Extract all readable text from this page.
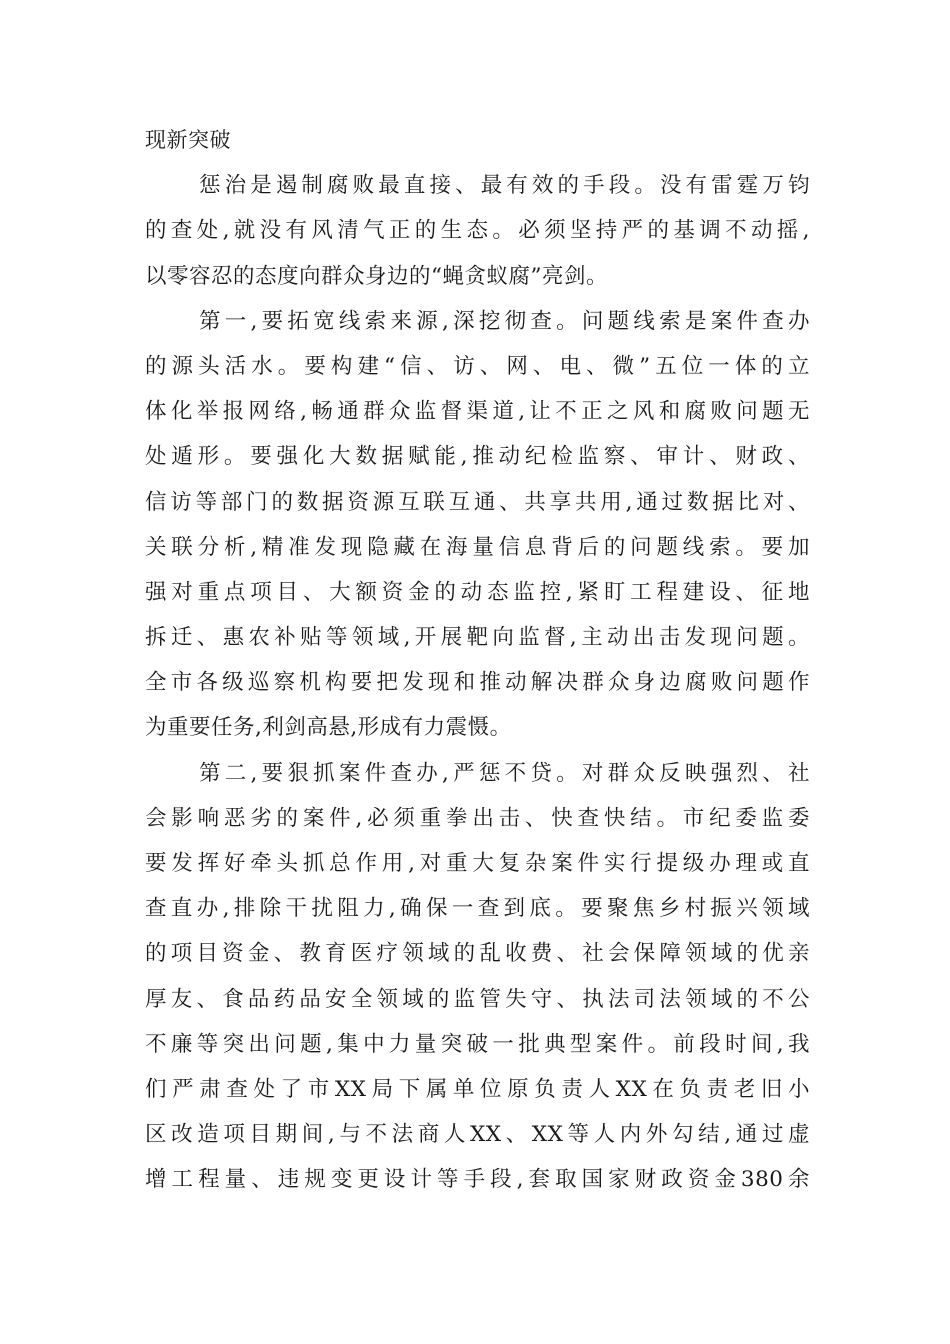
现新突破
惩治是遏制腐败最直接、最有效的手段。没有雷霆万钧
的查处,就没有风清气正的生态。必须坚持严的基调不动摇,
以零容忍的态度向群众身边的“蝇贪蚁腐”亮剑。
第一,要拓宽线索来源,深挖彻查。问题线索是案件查办
的源头活水。要构建“信、访、网、电、微”五位一体的立
体化举报网络,畅通群众监督渠道,让不正之风和腐败问题无
处遁形。要强化大数据赋能,推动纪检监察、审计、财政、
信访等部门的数据资源互联互通、共享共用,通过数据比对、
关联分析,精准发现隐藏在海量信息背后的问题线索。要加
强对重点项目、大额资金的动态监控,紧盯工程建设、征地
拆迁、惠农补贴等领域,开展靶向监督,主动出击发现问题。
全市各级巡察机构要把发现和推动解决群众身边腐败问题作
为重要任务,利剑高悬,形成有力震慑。
第二,要狠抓案件查办,严惩不贷。对群众反映强烈、社
会影响恶劣的案件,必须重拳出击、快查快结。市纪委监委
要发挥好牵头抓总作用,对重大复杂案件实行提级办理或直
查直办,排除干扰阻力,确保一查到底。要聚焦乡村振兴领域
的项目资金、教育医疗领域的乱收费、社会保障领域的优亲
厚友、食品药品安全领域的监管失守、执法司法领域的不公
不廉等突出问题,集中力量突破一批典型案件。前段时间,我
们严肃查处了市XX局下属单位原负责人XX在负责老旧小
区改造项目期间,与不法商人XX、XX等人内外勾结,通过虚
增工程量、违规变更设计等手段,套取国家财政资金380余
